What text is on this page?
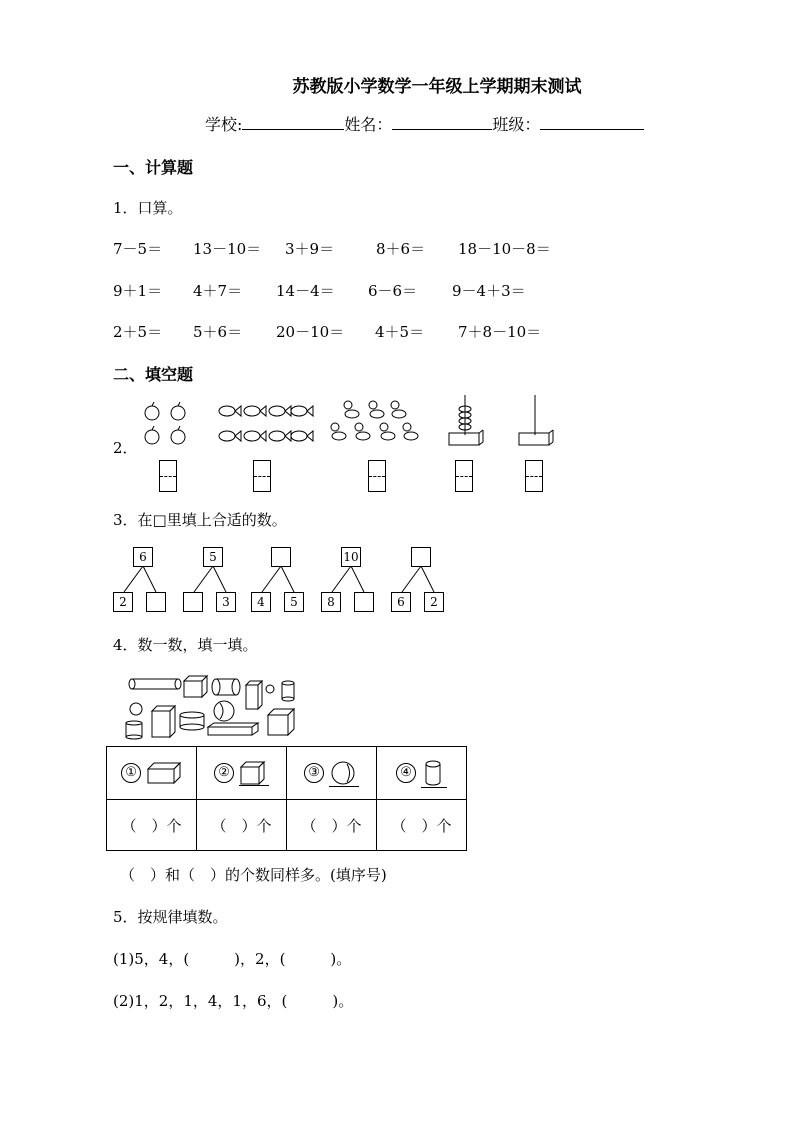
苏教版小学数学一年级上学期期末测试
学校:	姓名：	班级：
一、计算题
1．口算。
7－5＝ 13－10＝ 3＋9＝	8＋6＝ 18－10－8＝
9＋1＝ 4＋7＝ 14－4＝ 6－6＝ 9－4＋3＝
2＋5＝ 5＋6＝ 20－10＝ 4＋5＝ 7＋8－10＝
二、填空题
2．
3．在□里填上合适的数。
6
2
5
3	4	5
10
8	6	2
4．数一数，填一填。
①	②	③	④

（　）个	（　）个	（　）个	（　）个
（　）和（　）的个数同样多。(填序号)
5．按规律填数。
(1)5，4，(　　　)，2，(　　　)。
(2)1，2，1，4，1，6，(　　　)。
